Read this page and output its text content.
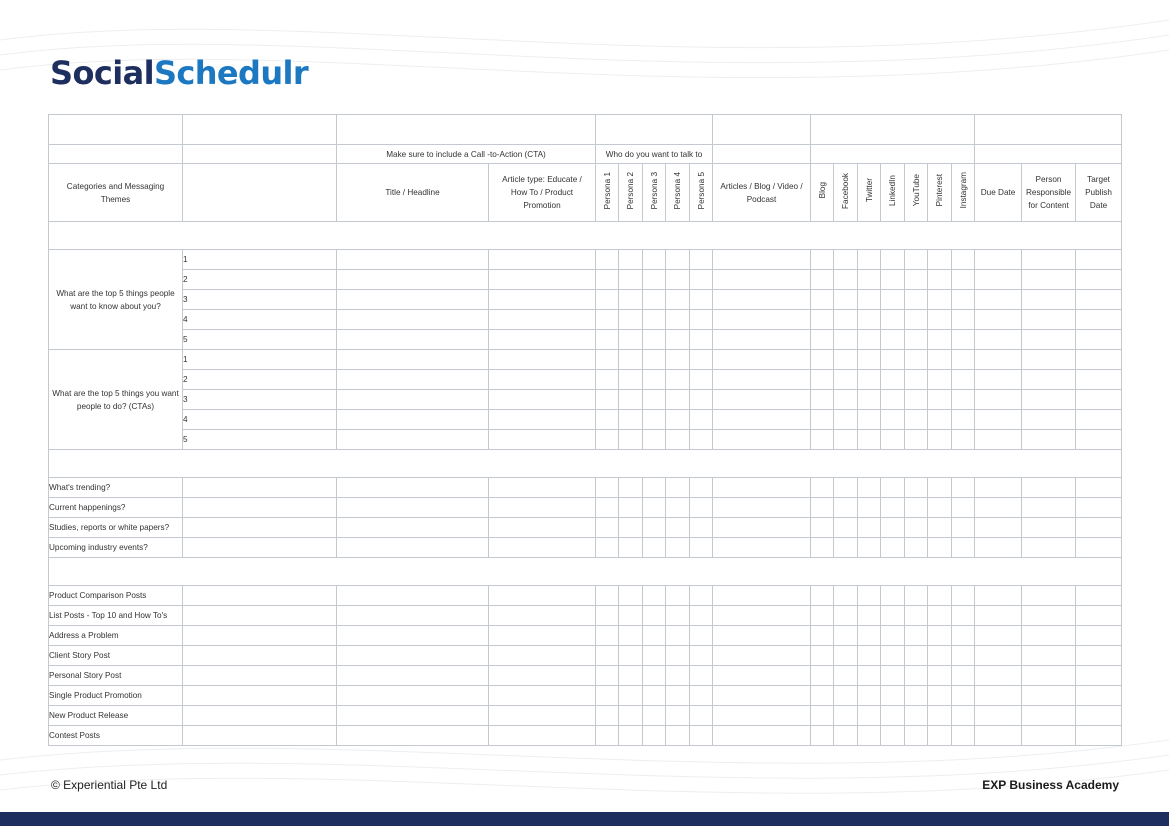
SocialSchedulr
	CONCEPTS/ TOPICS	ARTICLE / CONTENT TITLES		AUDIENCE					MEDIA TYPE(S)								PUBLISHING		
		Make sure to include a Call -to-Action (CTA)		Who do you want to talk to															
Categories and Messaging Themes		Title / Headline	Article type: Educate / How To / Product Promotion	Persona 1	Persona 2	Persona 3	Persona 4	Persona 5	Articles / Blog / Video / Podcast	Blog	Facebook	Twitter	LinkedIn	YouTube	Pinterest	Instagram	Due Date	Person Responsible for Content	Target Publish Date
WHAT FEATURES AND BENEFITS SET YOUR PRODUCT / BRAND APART FROM YOUR COMPETITION?																			
What are the top 5 things people want to know about you?	1																		
	2																		
	3																		
	4																		
	5																		
What are the top 5 things you want people to do? (CTAs)	1																		
	2																		
	3																		
	4																		
	5																		
IN YOUR INDUSTRY																			
What's trending?																			
Current happenings?																			
Studies, reports or white papers?																			
Upcoming industry events?																			
WHAT TYPES OF CONTENT TO WRITE ABOUT																			
Product Comparison Posts																			
List Posts - Top 10 and How To's																			
Address a Problem																			
Client Story Post																			
Personal Story Post																			
Single Product Promotion																			
New Product Release																			
Contest Posts																			
© Experiential Pte Ltd	EXP Business Academy
